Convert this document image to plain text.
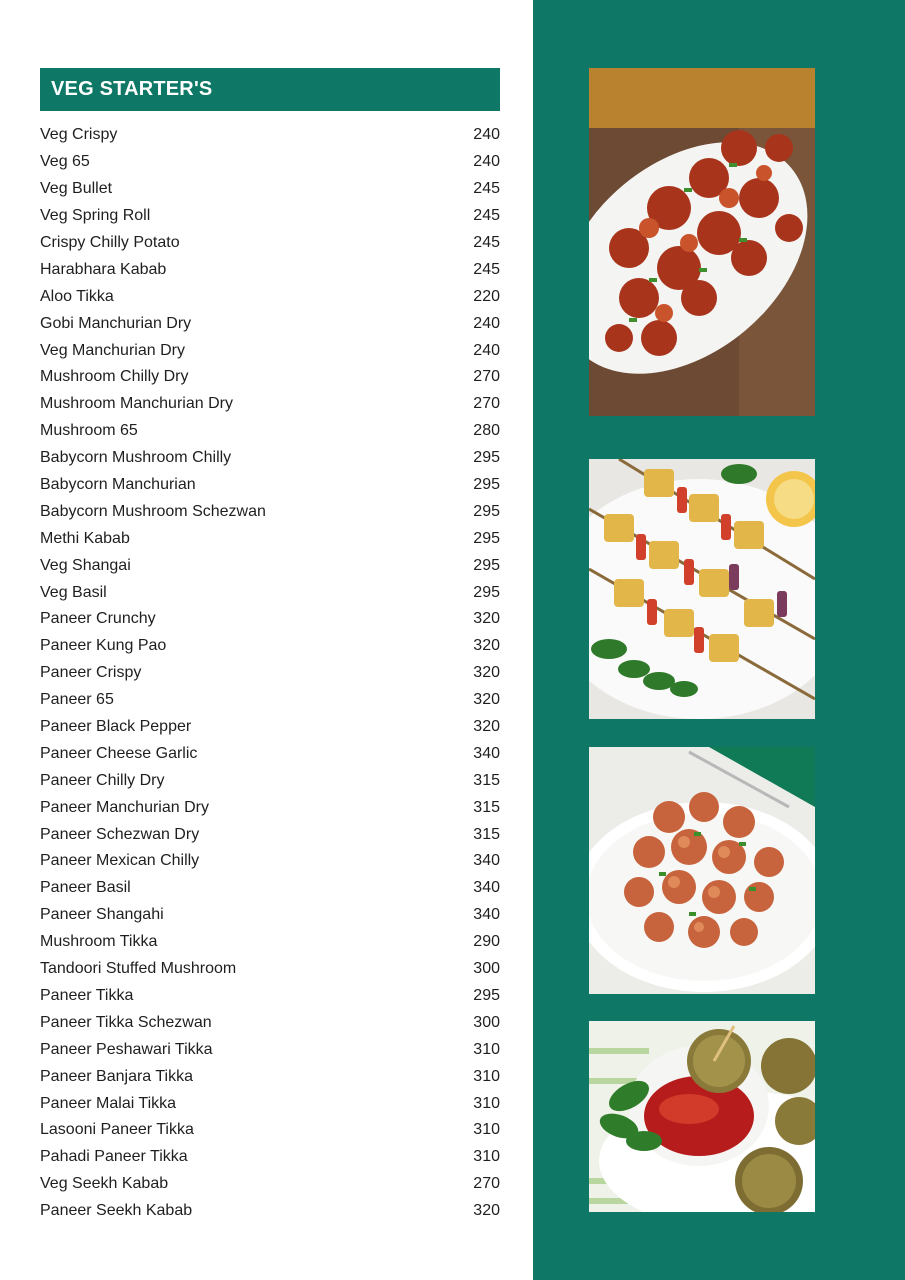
VEG STARTER'S
Veg Crispy	240
Veg 65	240
Veg Bullet	245
Veg Spring Roll	245
Crispy Chilly Potato	245
Harabhara Kabab	245
Aloo Tikka	220
Gobi Manchurian Dry	240
Veg Manchurian Dry	240
Mushroom Chilly Dry	270
Mushroom Manchurian Dry	270
Mushroom 65	280
Babycorn Mushroom Chilly	295
Babycorn Manchurian	295
Babycorn Mushroom Schezwan	295
Methi Kabab	295
Veg Shangai	295
Veg Basil	295
Paneer Crunchy	320
Paneer Kung Pao	320
Paneer Crispy	320
Paneer 65	320
Paneer Black Pepper	320
Paneer Cheese Garlic	340
Paneer Chilly Dry	315
Paneer Manchurian Dry	315
Paneer Schezwan Dry	315
Paneer Mexican Chilly	340
Paneer Basil	340
Paneer Shangahi	340
Mushroom Tikka	290
Tandoori Stuffed Mushroom	300
Paneer Tikka	295
Paneer Tikka Schezwan	300
Paneer Peshawari Tikka	310
Paneer Banjara Tikka	310
Paneer Malai Tikka	310
Lasooni Paneer Tikka	310
Pahadi Paneer Tikka	310
Veg Seekh Kabab	270
Paneer Seekh Kabab	320
